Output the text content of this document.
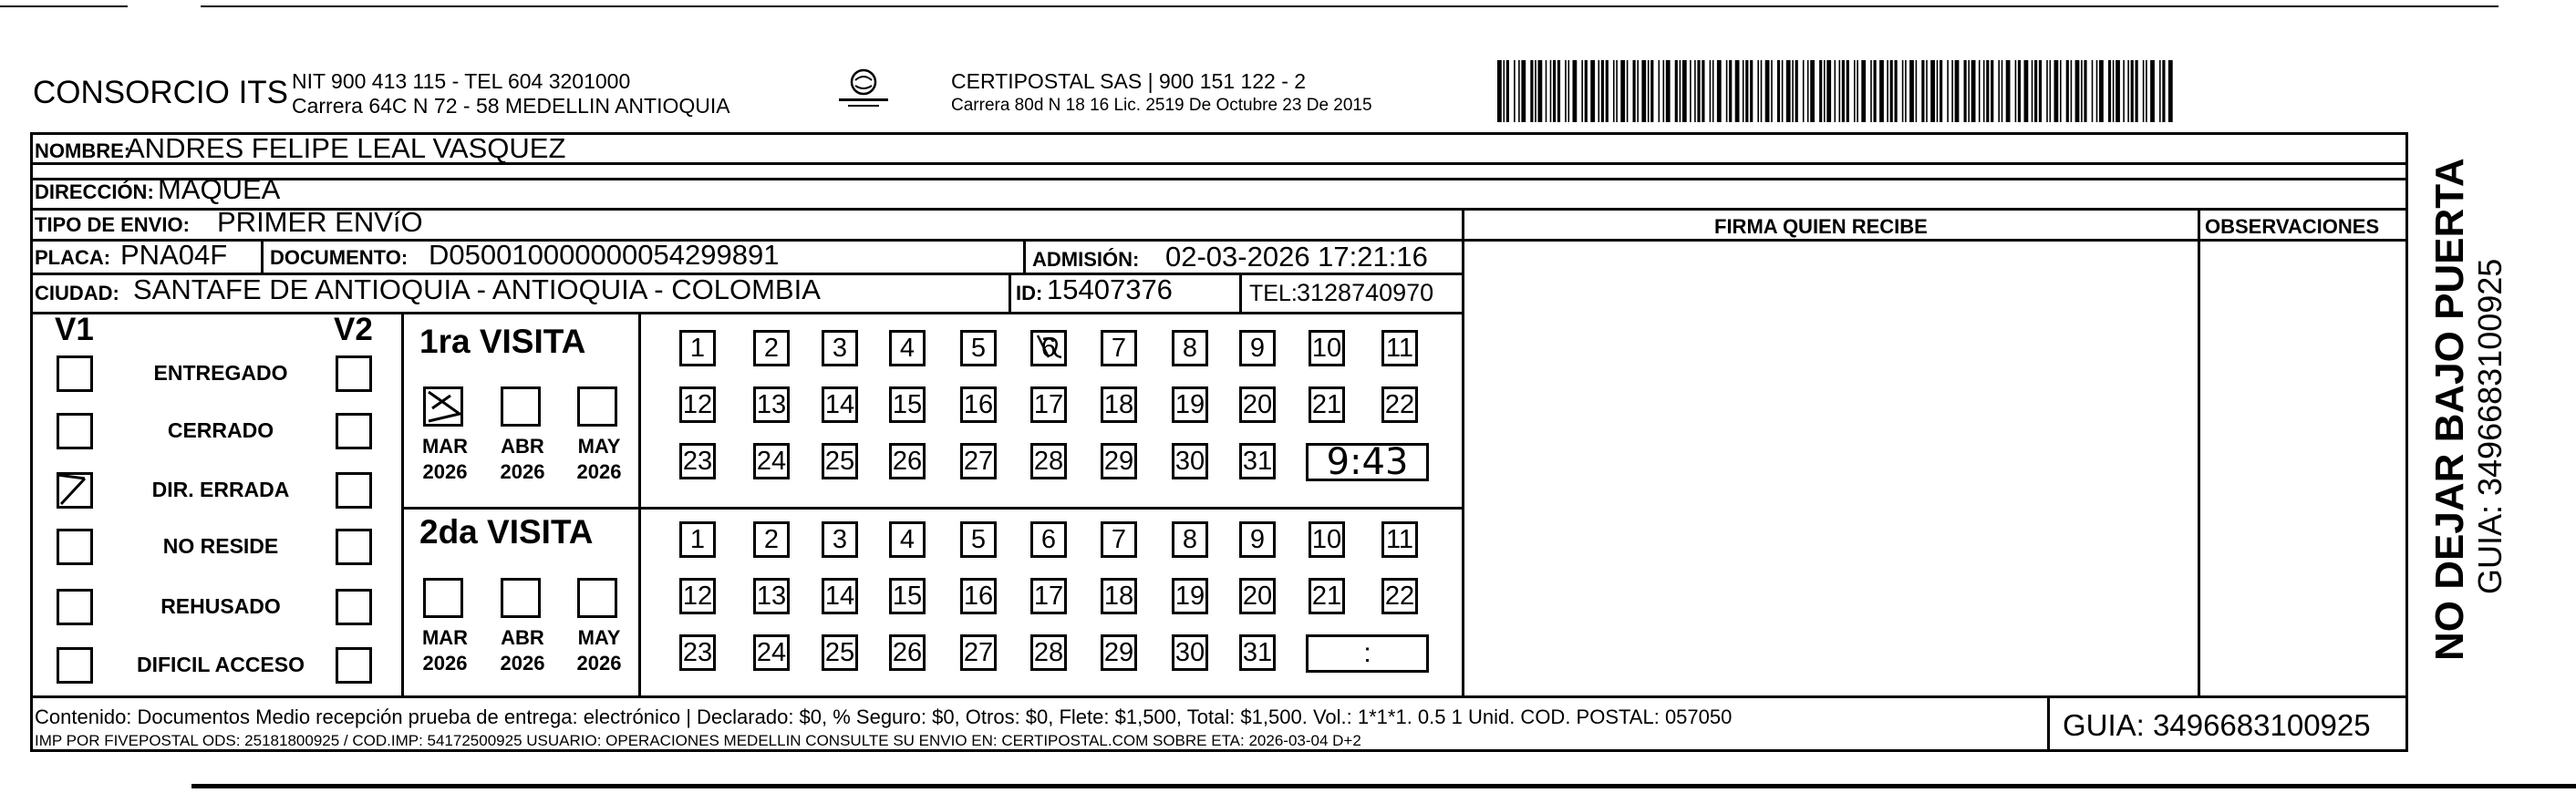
CONSORCIO ITS NIT 900 413 115 - TEL 604 3201000
Carrera 64C N 72 - 58 MEDELLIN ANTIOQUIA
CERTIPOSTAL SAS | 900 151 122 - 2
Carrera 80d N 18 16 Lic. 2519 De Octubre 23 De 2015
NOMBRE:
ANDRES FELIPE LEAL VASQUEZ
DIRECCIÓN: MAQUEA
TIPO DE ENVIO: PRIMER ENVíO	FIRMA QUIEN RECIBE	OBSERVACIONES
PLACA: PNA04F DOCUMENTO: D050010000000054299891	ADMISIÓN: 02-03-2026 17:21:16
CIUDAD: SANTAFE DE ANTIOQUIA - ANTIOQUIA - COLOMBIA	ID: 15407376	TEL: 3128740970
V1	V2
ENTREGADO
CERRADO
DIR. ERRADA
NO RESIDE
REHUSADO
DIFICIL ACCESO
1ra VISITA
2da VISITA
MAR
2026
ABR
2026
MAY
2026
1	2	3	4	5	6	7	8	9	10 11
12 13 14 15 16 17 18 19 20 21 22
23 24 25 26 27 28 29 30 31	9:43
MAR
2026
ABR
2026
MAY
2026
1	2	3	4	5	6	7	8	9	10 11
12 13 14 15 16 17 18 19 20 21 22
23 24 25 26 27 28 29 30 31	:
Contenido: Documentos Medio recepción prueba de entrega: electrónico | Declarado: $0, % Seguro: $0, Otros: $0, Flete: $1,500, Total: $1,500. Vol.: 1*1*1. 0.5 1 Unid. COD. POSTAL: 057050
IMP POR FIVEPOSTAL ODS: 25181800925 / COD.IMP: 54172500925 USUARIO: OPERACIONES MEDELLIN CONSULTE SU ENVIO EN: CERTIPOSTAL.COM SOBRE ETA: 2026-03-04 D+2	GUIA: 3496683100925
NO DEJAR BAJO PUERTA GUIA: 3496683100925
